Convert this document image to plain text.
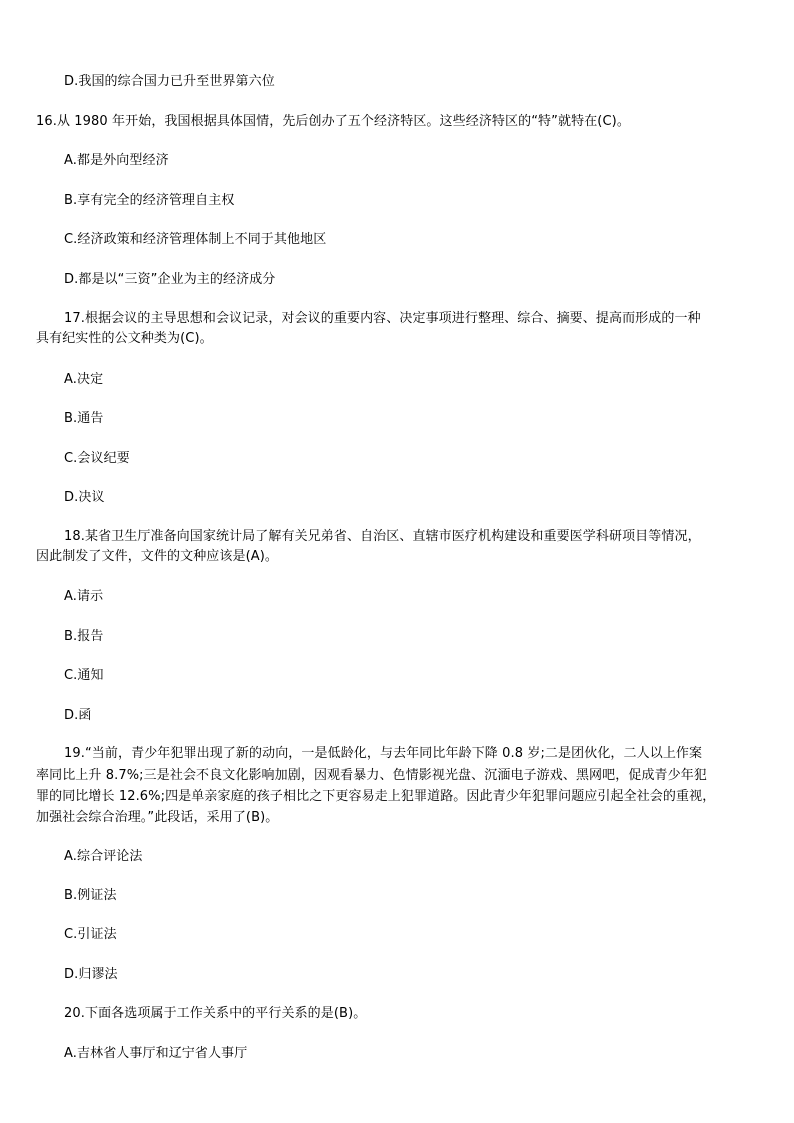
D.我国的综合国力已升至世界第六位
16.从 1980 年开始，我国根据具体国情，先后创办了五个经济特区。这些经济特区的“特”就特在(C)。
A.都是外向型经济
B.享有完全的经济管理自主权
C.经济政策和经济管理体制上不同于其他地区
D.都是以“三资”企业为主的经济成分
17.根据会议的主导思想和会议记录，对会议的重要内容、决定事项进行整理、综合、摘要、提高而形成的一种
具有纪实性的公文种类为(C)。
A.决定
B.通告
C.会议纪要
D.决议
18.某省卫生厅准备向国家统计局了解有关兄弟省、自治区、直辖市医疗机构建设和重要医学科研项目等情况，
因此制发了文件，文件的文种应该是(A)。
A.请示
B.报告
C.通知
D.函
19.“当前，青少年犯罪出现了新的动向，一是低龄化，与去年同比年龄下降 0.8 岁;二是团伙化，二人以上作案
率同比上升 8.7%;三是社会不良文化影响加剧，因观看暴力、色情影视光盘、沉湎电子游戏、黑网吧，促成青少年犯
罪的同比增长 12.6%;四是单亲家庭的孩子相比之下更容易走上犯罪道路。因此青少年犯罪问题应引起全社会的重视，
加强社会综合治理。”此段话，采用了(B)。
A.综合评论法
B.例证法
C.引证法
D.归谬法
20.下面各选项属于工作关系中的平行关系的是(B)。
A.吉林省人事厅和辽宁省人事厅
